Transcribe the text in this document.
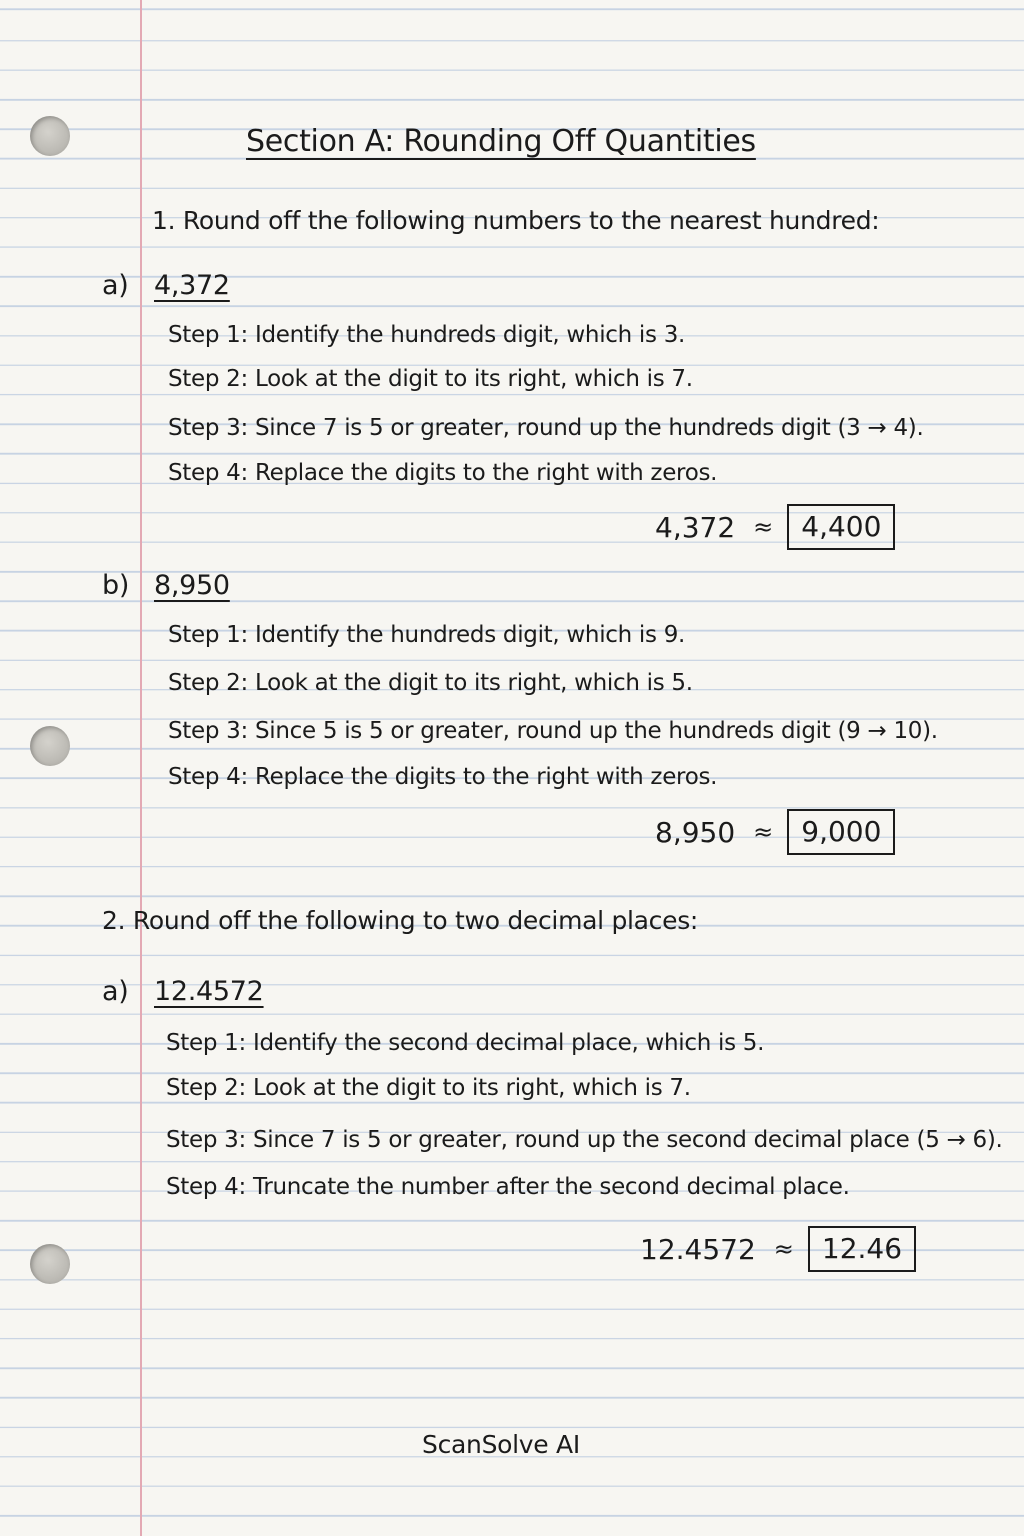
Section A: Rounding Off Quantities
1. Round off the following numbers to the nearest hundred:
a) 4,372
Step 1: Identify the hundreds digit, which is 3.
Step 2: Look at the digit to its right, which is 7.
Step 3: Since 7 is 5 or greater, round up the hundreds digit (3 → 4).
Step 4: Replace the digits to the right with zeros.
4,372 ≈	4,400
b) 8,950
Step 1: Identify the hundreds digit, which is 9.
Step 2: Look at the digit to its right, which is 5.
Step 3: Since 5 is 5 or greater, round up the hundreds digit (9 → 10).
Step 4: Replace the digits to the right with zeros.
8,950 ≈	9,000
2. Round off the following to two decimal places:
a) 12.4572
Step 1: Identify the second decimal place, which is 5.
Step 2: Look at the digit to its right, which is 7.
Step 3: Since 7 is 5 or greater, round up the second decimal place (5 → 6).
Step 4: Truncate the number after the second decimal place.
12.4572 ≈	12.46
ScanSolve AI
